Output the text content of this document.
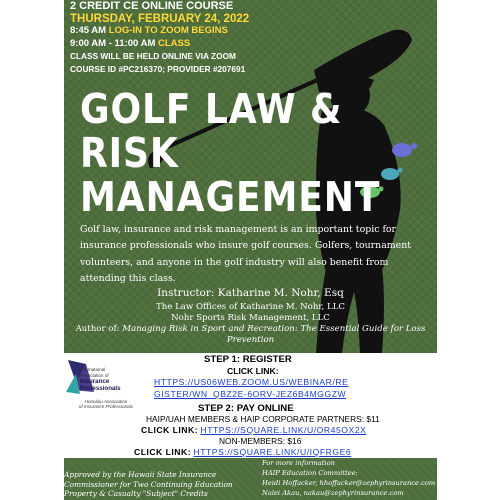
2 CREDIT CE ONLINE COURSE
THURSDAY, FEBRUARY 24, 2022
8:45 AM LOG-IN TO ZOOM BEGINS
9:00 AM - 11:00 AM CLASS
CLASS WILL BE HELD ONLINE VIA ZOOM
COURSE ID #PC216370; PROVIDER #207691
GOLF LAW &
RISK
MANAGEMENT
Golf law, insurance and risk management is an important topic for insurance professionals who insure golf courses. Golfers, tournament volunteers, and anyone in the golf industry will also benefit from attending this class.
Instructor: Katharine M. Nohr, Esq
The Law Offices of Katharine M. Nohr, LLC
Nohr Sports Risk Management, LLC
Author of: Managing Risk in Sport and Recreation: The Essential Guide for Loss Prevention
International
Association of
Insurance
Professionals
Honolulu Association
of Insurance Professionals
STEP 1: REGISTER
CLICK LINK:
HTTPS://US06WEB.ZOOM.US/WEBINAR/RE
GISTER/WN_QBZ2E-6ORV-JEZ6B4MGGZW
STEP 2: PAY ONLINE
HAIP/UAH MEMBERS & HAIP CORPORATE PARTNERS: $11
CLICK LINK: HTTPS://SQUARE.LINK/U/OR45OX2X
NON-MEMBERS: $16
CLICK LINK: HTTPS://SQUARE.LINK/U/IQFRGE6
Approved by the Hawaii State Insurance Commissioner for Two Continuing Education Property & Casualty "Subject" Credits
For more information
HAIP Education Committee:
Heidi Hoffacker, hhoffacker@zephyrinsurance.com
Nalei Akau, nakau@zephyrinsurance.com
